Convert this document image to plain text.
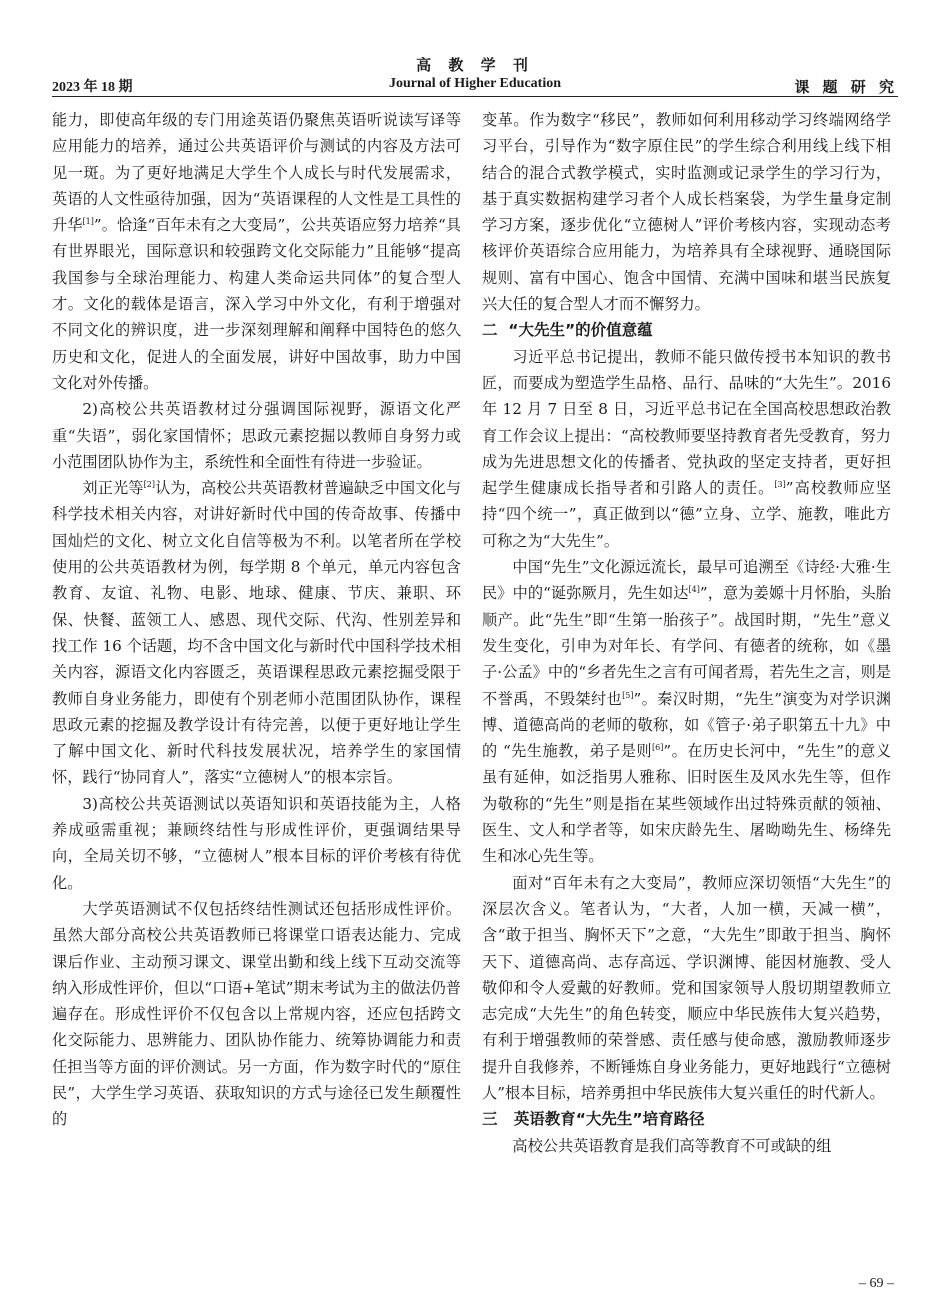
高 教 学 刊
2023 年 18 期	Journal of Higher Education	课 题 研 究

能力，即使高年级的专门用途英语仍聚焦英语听说读写译等应用能力的培养，通过公共英语评价与测试的内容及方法可见一斑。为了更好地满足大学生个人成长与时代发展需求，英语的人文性亟待加强，因为“英语课程的人文性是工具性的升华[1]”。恰逢“百年未有之大变局”，公共英语应努力培养“具有世界眼光，国际意识和较强跨文化交际能力”且能够“提高我国参与全球治理能力、构建人类命运共同体”的复合型人才。文化的载体是语言，深入学习中外文化，有利于增强对不同文化的辨识度，进一步深刻理解和阐释中国特色的悠久历史和文化，促进人的全面发展，讲好中国故事，助力中国文化对外传播。

2)高校公共英语教材过分强调国际视野，源语文化严重“失语”，弱化家国情怀；思政元素挖掘以教师自身努力或小范围团队协作为主，系统性和全面性有待进一步验证。

刘正光等[2]认为，高校公共英语教材普遍缺乏中国文化与科学技术相关内容，对讲好新时代中国的传奇故事、传播中国灿烂的文化、树立文化自信等极为不利。以笔者所在学校使用的公共英语教材为例，每学期 8 个单元，单元内容包含教育、友谊、礼物、电影、地球、健康、节庆、兼职、环保、快餐、蓝领工人、感恩、现代交际、代沟、性别差异和找工作 16 个话题，均不含中国文化与新时代中国科学技术相关内容，源语文化内容匮乏，英语课程思政元素挖掘受限于教师自身业务能力，即使有个别老师小范围团队协作，课程思政元素的挖掘及教学设计有待完善，以便于更好地让学生了解中国文化、新时代科技发展状况，培养学生的家国情怀，践行“协同育人”，落实“立德树人”的根本宗旨。

3)高校公共英语测试以英语知识和英语技能为主，人格养成亟需重视；兼顾终结性与形成性评价，更强调结果导向，全局关切不够，“立德树人”根本目标的评价考核有待优化。

大学英语测试不仅包括终结性测试还包括形成性评价。虽然大部分高校公共英语教师已将课堂口语表达能力、完成课后作业、主动预习课文、课堂出勤和线上线下互动交流等纳入形成性评价，但以“口语+笔试”期末考试为主的做法仍普遍存在。形成性评价不仅包含以上常规内容，还应包括跨文化交际能力、思辨能力、团队协作能力、统筹协调能力和责任担当等方面的评价测试。另一方面，作为数字时代的“原住民”，大学生学习英语、获取知识的方式与途径已发生颠覆性的

变革。作为数字“移民”，教师如何利用移动学习终端网络学习平台，引导作为“数字原住民”的学生综合利用线上线下相结合的混合式教学模式，实时监测或记录学生的学习行为，基于真实数据构建学习者个人成长档案袋，为学生量身定制学习方案，逐步优化“立德树人”评价考核内容，实现动态考核评价英语综合应用能力，为培养具有全球视野、通晓国际规则、富有中国心、饱含中国情、充满中国味和堪当民族复兴大任的复合型人才而不懈努力。

二  “大先生”的价值意蕴

习近平总书记提出，教师不能只做传授书本知识的教书匠，而要成为塑造学生品格、品行、品味的“大先生”。2016 年 12 月 7 日至 8 日，习近平总书记在全国高校思想政治教育工作会议上提出：“高校教师要坚持教育者先受教育，努力成为先进思想文化的传播者、党执政的坚定支持者，更好担起学生健康成长指导者和引路人的责任。[3]”高校教师应坚持“四个统一”，真正做到以“德”立身、立学、施教，唯此方可称之为“大先生”。

中国“先生”文化源远流长，最早可追溯至《诗经·大雅·生民》中的“诞弥厥月，先生如达[4]”，意为姜嫄十月怀胎，头胎顺产。此“先生”即“生第一胎孩子”。战国时期，“先生”意义发生变化，引申为对年长、有学问、有德者的统称，如《墨子·公孟》中的“乡者先生之言有可闻者焉，若先生之言，则是不誉禹，不毁桀纣也[5]”。秦汉时期，“先生”演变为对学识渊博、道德高尚的老师的敬称，如《管子·弟子职第五十九》中的 “先生施教，弟子是则[6]”。在历史长河中，“先生”的意义虽有延伸，如泛指男人雅称、旧时医生及风水先生等，但作为敬称的“先生”则是指在某些领域作出过特殊贡献的领袖、医生、文人和学者等，如宋庆龄先生、屠呦呦先生、杨绛先生和冰心先生等。

面对“百年未有之大变局”，教师应深切领悟“大先生”的深层次含义。笔者认为，“大者，人加一横，天减一横”，含“敢于担当、胸怀天下”之意，“大先生”即敢于担当、胸怀天下、道德高尚、志存高远、学识渊博、能因材施教、受人敬仰和令人爱戴的好教师。党和国家领导人殷切期望教师立志完成“大先生”的角色转变，顺应中华民族伟大复兴趋势，有利于增强教师的荣誉感、责任感与使命感，激励教师逐步提升自我修养，不断锤炼自身业务能力，更好地践行“立德树人”根本目标，培养勇担中华民族伟大复兴重任的时代新人。

三   英语教育“大先生”培育路径

高校公共英语教育是我们高等教育不可或缺的组

– 69 –
